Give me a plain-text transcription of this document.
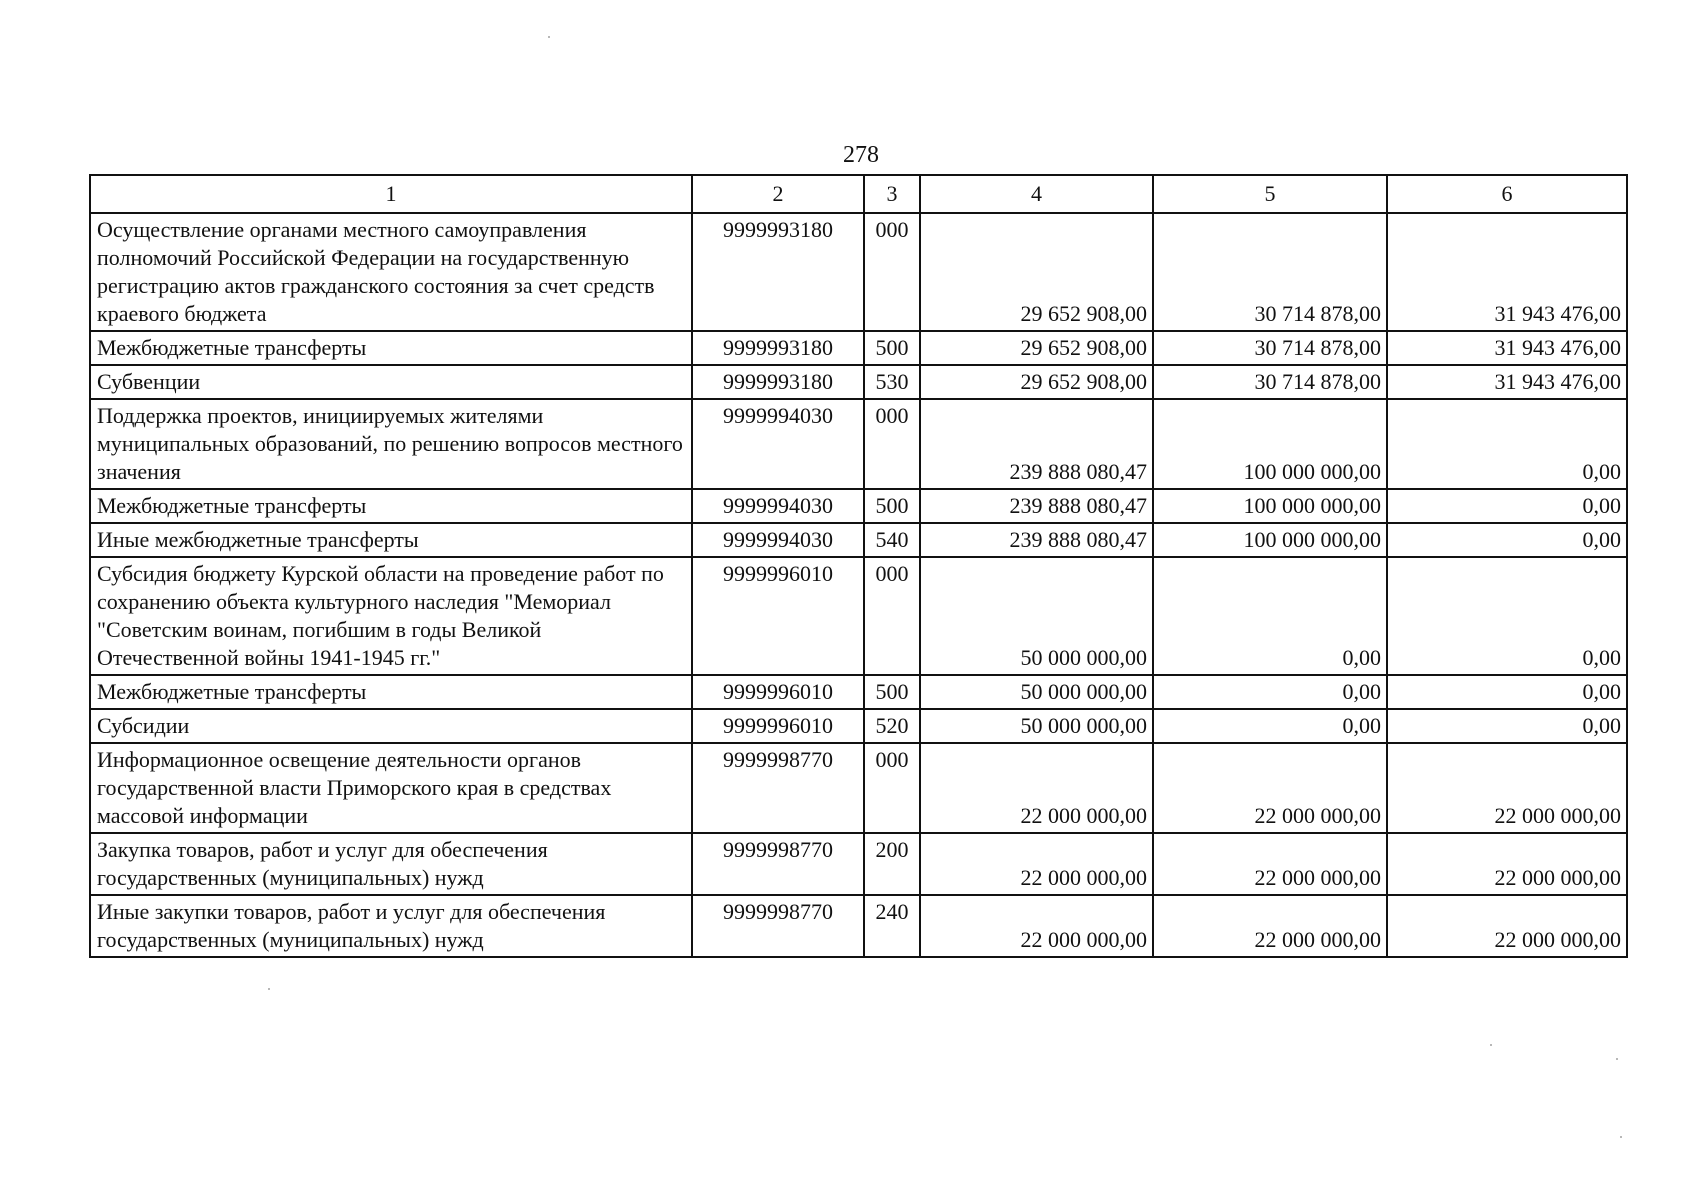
278
1	2	3	4	5	6
Осуществление органами местного самоуправления полномочий Российской Федерации на государственную регистрацию актов гражданского состояния за счет средств краевого бюджета	9999993180	000	29 652 908,00	30 714 878,00	31 943 476,00
Межбюджетные трансферты	9999993180	500	29 652 908,00	30 714 878,00	31 943 476,00
Субвенции	9999993180	530	29 652 908,00	30 714 878,00	31 943 476,00
Поддержка проектов, инициируемых жителями муниципальных образований, по решению вопросов местного значения	9999994030	000	239 888 080,47	100 000 000,00	0,00
Межбюджетные трансферты	9999994030	500	239 888 080,47	100 000 000,00	0,00
Иные межбюджетные трансферты	9999994030	540	239 888 080,47	100 000 000,00	0,00
Субсидия бюджету Курской области на проведение работ по сохранению объекта культурного наследия "Мемориал "Советским воинам, погибшим в годы Великой Отечественной войны 1941-1945 гг."	9999996010	000	50 000 000,00	0,00	0,00
Межбюджетные трансферты	9999996010	500	50 000 000,00	0,00	0,00
Субсидии	9999996010	520	50 000 000,00	0,00	0,00
Информационное освещение деятельности органов государственной власти Приморского края в средствах массовой информации	9999998770	000	22 000 000,00	22 000 000,00	22 000 000,00
Закупка товаров, работ и услуг для обеспечения государственных (муниципальных) нужд	9999998770	200	22 000 000,00	22 000 000,00	22 000 000,00
Иные закупки товаров, работ и услуг для обеспечения государственных (муниципальных) нужд	9999998770	240	22 000 000,00	22 000 000,00	22 000 000,00
